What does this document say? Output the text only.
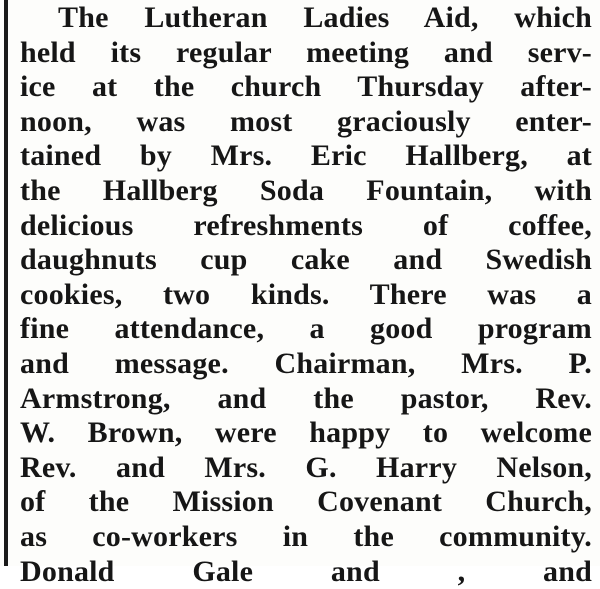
The Lutheran Ladies Aid, which
held its regular meeting and serv-
ice at the church Thursday after-
noon, was most graciously enter-
tained by Mrs. Eric Hallberg, at
the Hallberg Soda Fountain, with
delicious refreshments of coffee,
daughnuts cup cake and Swedish
cookies, two kinds. There was a
fine attendance, a good program
and message. Chairman, Mrs. P.
Armstrong, and the pastor, Rev.
W. Brown, were happy to welcome
Rev. and Mrs. G. Harry Nelson,
of the Mission Covenant Church,
as co-workers in the community.
Donald Gale and , and
